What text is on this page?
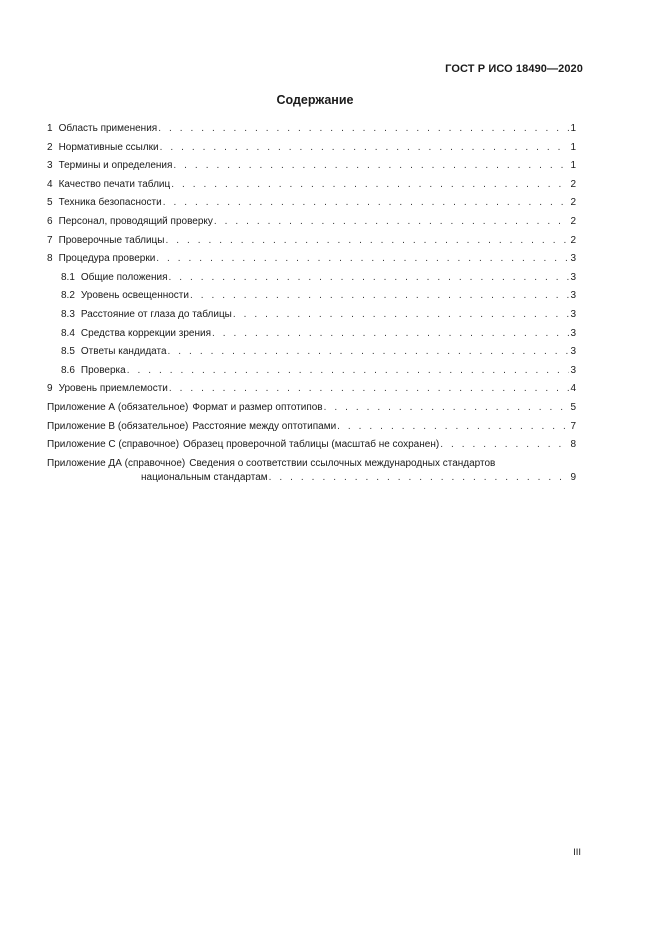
ГОСТ Р ИСО 18490—2020
Содержание
1 Область применения . . .	1
2 Нормативные ссылки . . .	1
3 Термины и определения . . .	1
4 Качество печати таблиц . . .	2
5 Техника безопасности . . .	2
6 Персонал, проводящий проверку . . .	2
7 Проверочные таблицы . . .	2
8 Процедура проверки . . .	3
8.1 Общие положения . . .	3
8.2 Уровень освещенности . . .	3
8.3 Расстояние от глаза до таблицы . . .	3
8.4 Средства коррекции зрения . . .	3
8.5 Ответы кандидата . . .	3
8.6 Проверка . . .	3
9 Уровень приемлемости . . .	4
Приложение А (обязательное) Формат и размер оптотипов . . .	5
Приложение В (обязательное) Расстояние между оптотипами . . .	7
Приложение С (справочное) Образец проверочной таблицы (масштаб не сохранен) . . .	8
Приложение ДА (справочное) Сведения о соответствии ссылочных международных стандартов
национальным стандартам . . .	9
III
